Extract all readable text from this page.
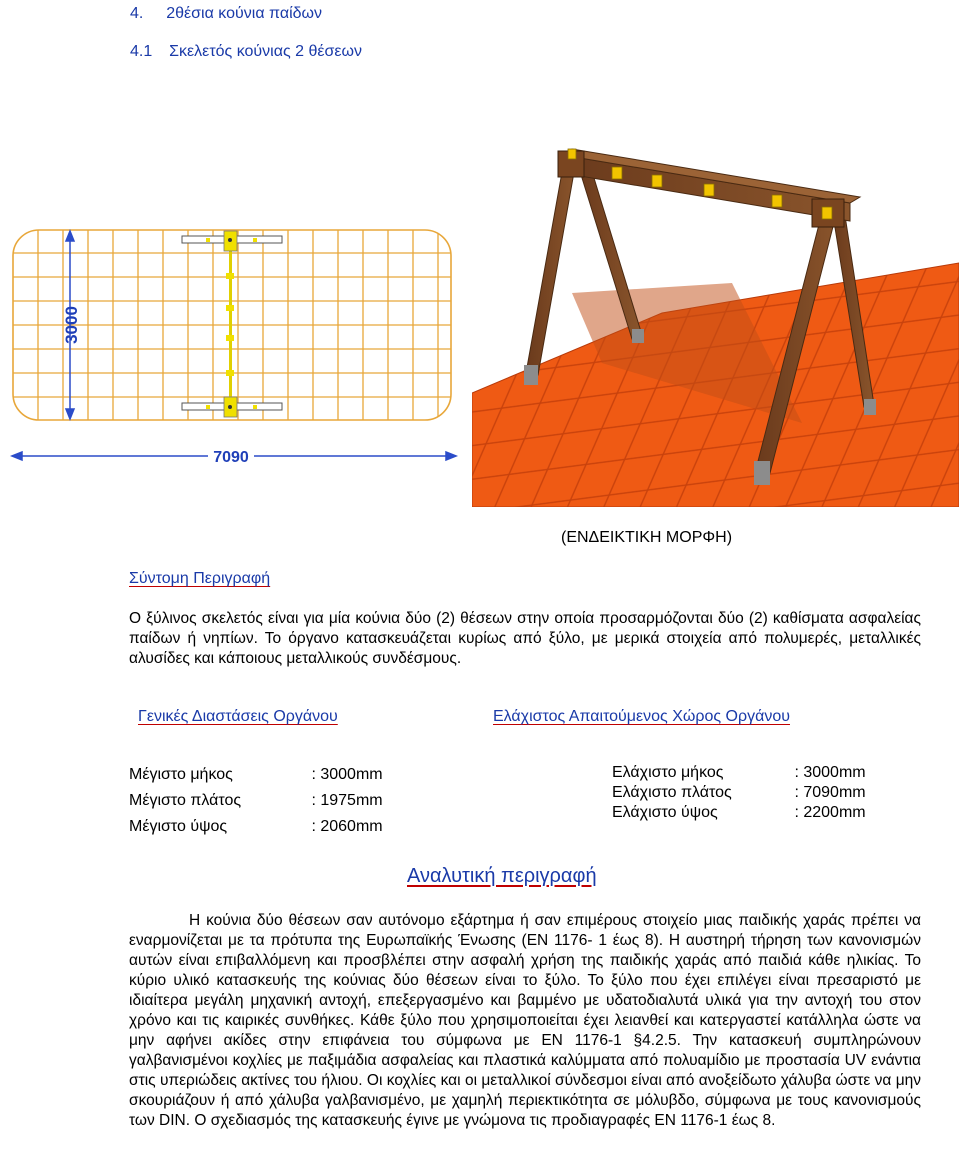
4. 2θέσια κούνια παίδων
4.1 Σκελετός κούνιας 2 θέσεων
3000
7090
(ΕΝΔΕΙΚΤΙΚΗ ΜΟΡΦΗ)
Σύντομη Περιγραφή
Ο ξύλινος σκελετός είναι για μία κούνια δύο (2) θέσεων στην οποία προσαρμόζονται δύο (2) καθίσματα ασφαλείας παίδων ή νηπίων. Το όργανο κατασκευάζεται κυρίως από ξύλο, με μερικά στοιχεία από πολυμερές, μεταλλικές αλυσίδες και κάποιους μεταλλικούς συνδέσμους.
Γενικές Διαστάσεις Οργάνου	Ελάχιστος Απαιτούμενος Χώρος Οργάνου
Μέγιστο μήκος	: 3000mm
Μέγιστο πλάτος	: 1975mm
Μέγιστο ύψος	: 2060mm
Ελάχιστο μήκος	: 3000mm
Ελάχιστο πλάτος	: 7090mm
Ελάχιστο ύψος	: 2200mm
Αναλυτική περιγραφή
Η κούνια δύο θέσεων σαν αυτόνομο εξάρτημα ή σαν επιμέρους στοιχείο μιας παιδικής χαράς πρέπει να εναρμονίζεται με τα πρότυπα της Ευρωπαϊκής Ένωσης (ΕΝ 1176- 1 έως 8). Η αυστηρή τήρηση των κανονισμών αυτών είναι επιβαλλόμενη και προσβλέπει στην ασφαλή χρήση της παιδικής χαράς από παιδιά κάθε ηλικίας. Το κύριο υλικό κατασκευής της κούνιας δύο θέσεων είναι το ξύλο. Το ξύλο που έχει επιλέγει είναι πρεσαριστό με ιδιαίτερα μεγάλη μηχανική αντοχή, επεξεργασμένο και βαμμένο με υδατοδιαλυτά υλικά για την αντοχή του στον χρόνο και τις καιρικές συνθήκες. Κάθε ξύλο που χρησιμοποιείται έχει λειανθεί και κατεργαστεί κατάλληλα ώστε να μην αφήνει ακίδες στην επιφάνεια του σύμφωνα με ΕΝ 1176-1 §4.2.5. Την κατασκευή συμπληρώνουν γαλβανισμένοι κοχλίες με παξιμάδια ασφαλείας και πλαστικά καλύμματα από πολυαμίδιο με προστασία UV ενάντια στις υπεριώδεις ακτίνες του ήλιου. Οι κοχλίες και οι μεταλλικοί σύνδεσμοι είναι από ανοξείδωτο χάλυβα ώστε να μην σκουριάζουν ή από χάλυβα γαλβανισμένο, με χαμηλή περιεκτικότητα σε μόλυβδο, σύμφωνα με τους κανονισμούς των DIN. Ο σχεδιασμός της κατασκευής έγινε με γνώμονα τις προδιαγραφές ΕΝ 1176-1 έως 8.
